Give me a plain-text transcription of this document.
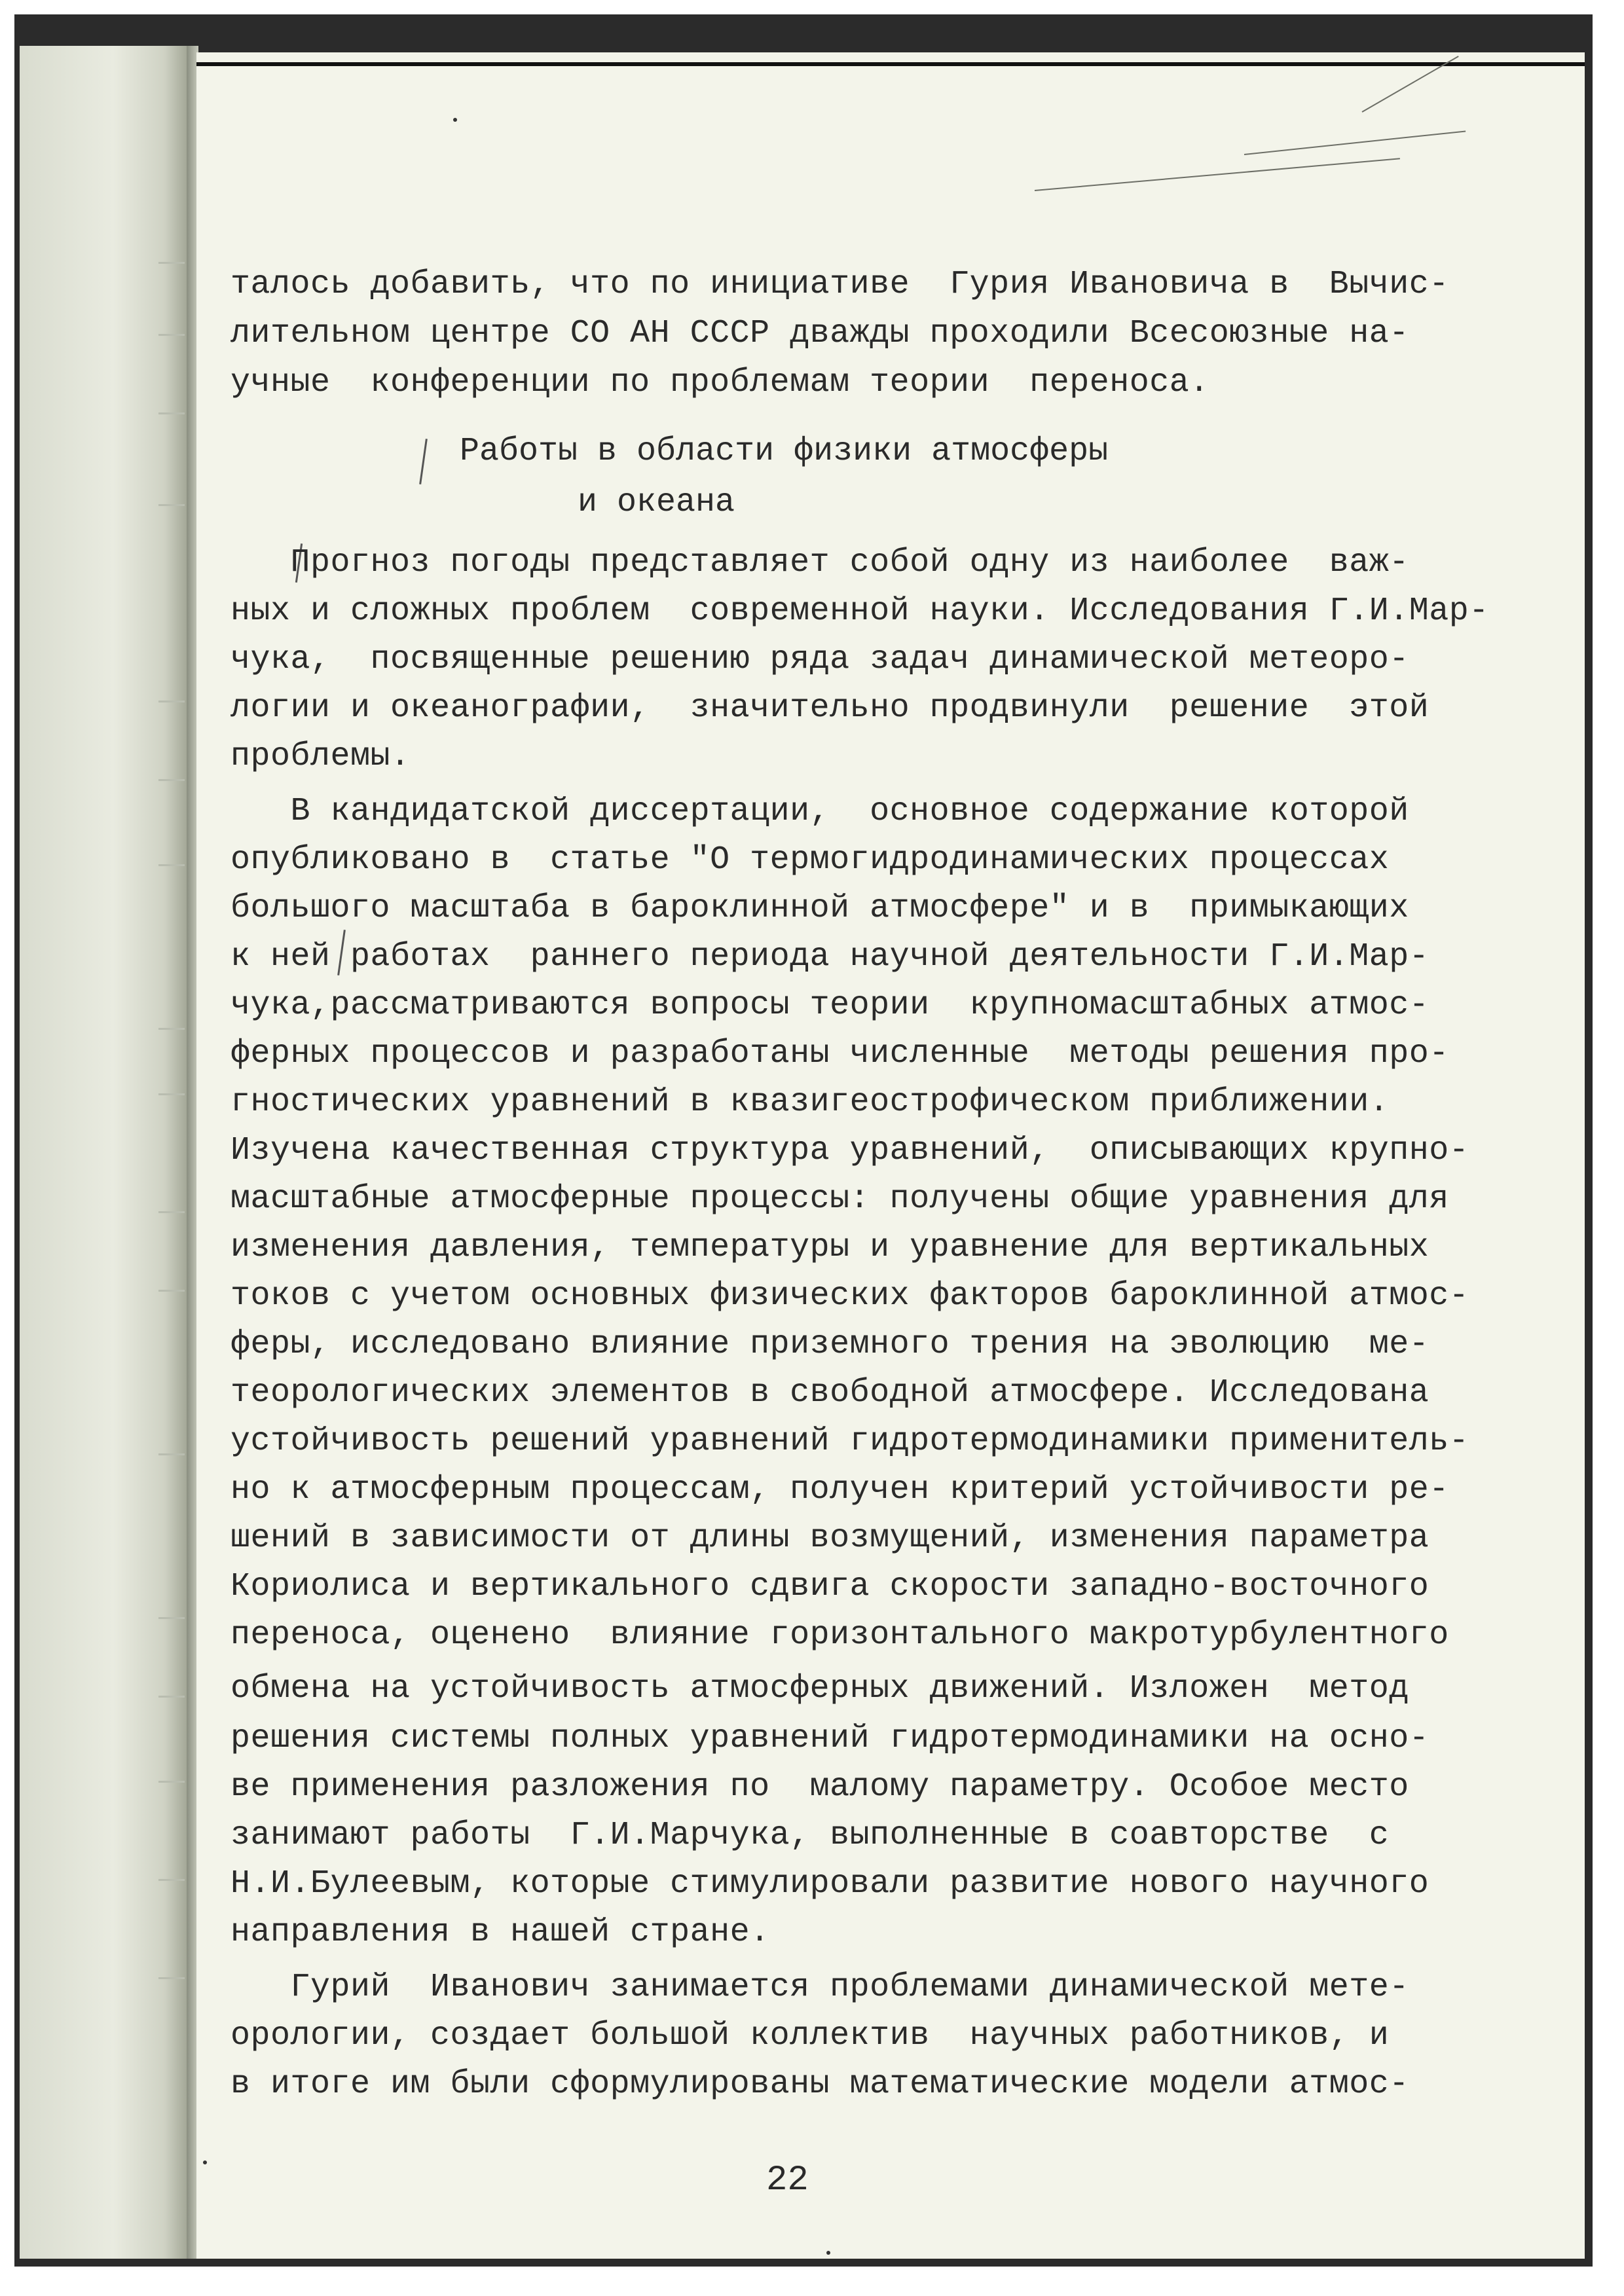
талось добавить, что по инициативе  Гурия Ивановича в  Вычис-
лительном центре СО АН СССР дважды проходили Всесоюзные на-
учные  конференции по проблемам теории  переноса.
Работы в области физики атмосферы
и океана
Прогноз погоды представляет собой одну из наиболее  важ-
ных и сложных проблем  современной науки. Исследования Г.И.Мар-
чука,  посвященные решению ряда задач динамической метеоро-
логии и океанографии,  значительно продвинули  решение  этой
проблемы.
В кандидатской диссертации,  основное содержание которой
опубликовано в  статье "О термогидродинамических процессах
большого масштаба в бароклинной атмосфере" и в  примыкающих
к ней работах  раннего периода научной деятельности Г.И.Мар-
чука,рассматриваются вопросы теории  крупномасштабных атмос-
ферных процессов и разработаны численные  методы решения про-
гностических уравнений в квазигеострофическом приближении.
Изучена качественная структура уравнений,  описывающих крупно-
масштабные атмосферные процессы: получены общие уравнения для
изменения давления, температуры и уравнение для вертикальных
токов с учетом основных физических факторов бароклинной атмос-
феры, исследовано влияние приземного трения на эволюцию  ме-
теорологических элементов в свободной атмосфере. Исследована
устойчивость решений уравнений гидротермодинамики применитель-
но к атмосферным процессам, получен критерий устойчивости ре-
шений в зависимости от длины возмущений, изменения параметра
Кориолиса и вертикального сдвига скорости западно-восточного
переноса, оценено  влияние горизонтального макротурбулентного
обмена на устойчивость атмосферных движений. Изложен  метод
решения системы полных уравнений гидротермодинамики на осно-
ве применения разложения по  малому параметру. Особое место
занимают работы  Г.И.Марчука, выполненные в соавторстве  с
Н.И.Булеевым, которые стимулировали развитие нового научного
направления в нашей стране.
Гурий  Иванович занимается проблемами динамической мете-
орологии, создает большой коллектив  научных работников, и
в итоге им были сформулированы математические модели атмос-
22
